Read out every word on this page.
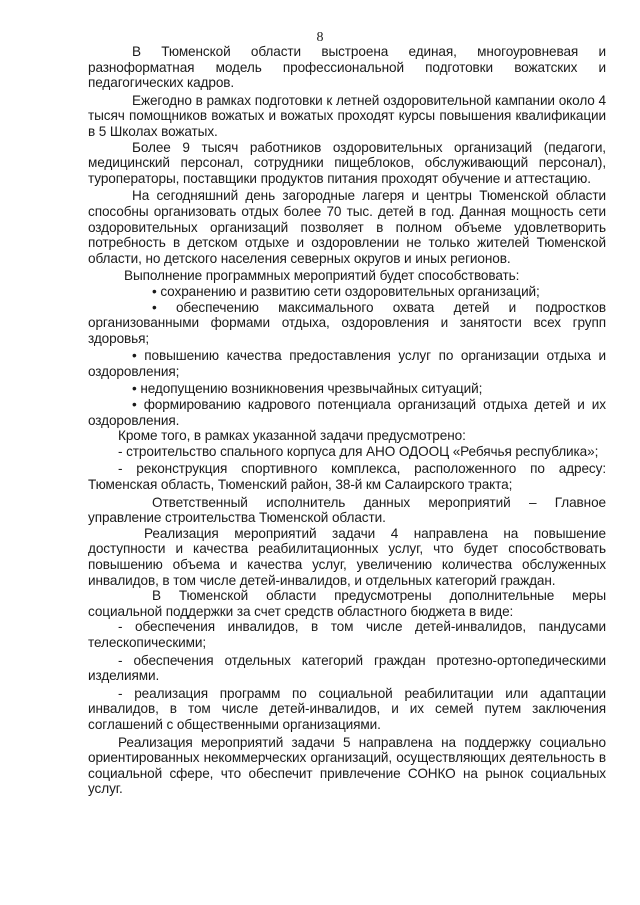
8

В Тюменской области выстроена единая, многоуровневая и разноформатная модель профессиональной подготовки вожатских и педагогических кадров.

Ежегодно в рамках подготовки к летней оздоровительной кампании около 4 тысяч помощников вожатых и вожатых проходят курсы повышения квалификации в 5 Школах вожатых.

Более 9 тысяч работников оздоровительных организаций (педагоги, медицинский персонал, сотрудники пищеблоков, обслуживающий персонал), туроператоры, поставщики продуктов питания проходят обучение и аттестацию.

На сегодняшний день загородные лагеря и центры Тюменской области способны организовать отдых более 70 тыс. детей в год. Данная мощность сети оздоровительных организаций позволяет в полном объеме удовлетворить потребность в детском отдыхе и оздоровлении не только жителей Тюменской области, но детского населения северных округов и иных регионов.

Выполнение программных мероприятий будет способствовать:

• сохранению и развитию сети оздоровительных организаций;

• обеспечению максимального охвата детей и подростков организованными формами отдыха, оздоровления и занятости всех групп здоровья;

• повышению качества предоставления услуг по организации отдыха и оздоровления;

• недопущению возникновения чрезвычайных ситуаций;

• формированию кадрового потенциала организаций отдыха детей и их оздоровления.

Кроме того, в рамках указанной задачи предусмотрено:

- строительство спального корпуса для АНО ОДООЦ «Ребячья республика»;

- реконструкция спортивного комплекса, расположенного по адресу: Тюменская область, Тюменский район, 38-й км Салаирского тракта;

Ответственный исполнитель данных мероприятий – Главное управление строительства Тюменской области.

Реализация мероприятий задачи 4 направлена на повышение доступности и качества реабилитационных услуг, что будет способствовать повышению объема и качества услуг, увеличению количества обслуженных инвалидов, в том числе детей-инвалидов, и отдельных категорий граждан.

В Тюменской области предусмотрены дополнительные меры социальной поддержки за счет средств областного бюджета в виде:

- обеспечения инвалидов, в том числе детей-инвалидов, пандусами телескопическими;

- обеспечения отдельных категорий граждан протезно-ортопедическими изделиями.

- реализация программ по социальной реабилитации или адаптации инвалидов, в том числе детей-инвалидов, и их семей путем заключения соглашений с общественными организациями.

Реализация мероприятий задачи 5 направлена на поддержку социально ориентированных некоммерческих организаций, осуществляющих деятельность в социальной сфере, что обеспечит привлечение СОНКО на рынок социальных услуг.
